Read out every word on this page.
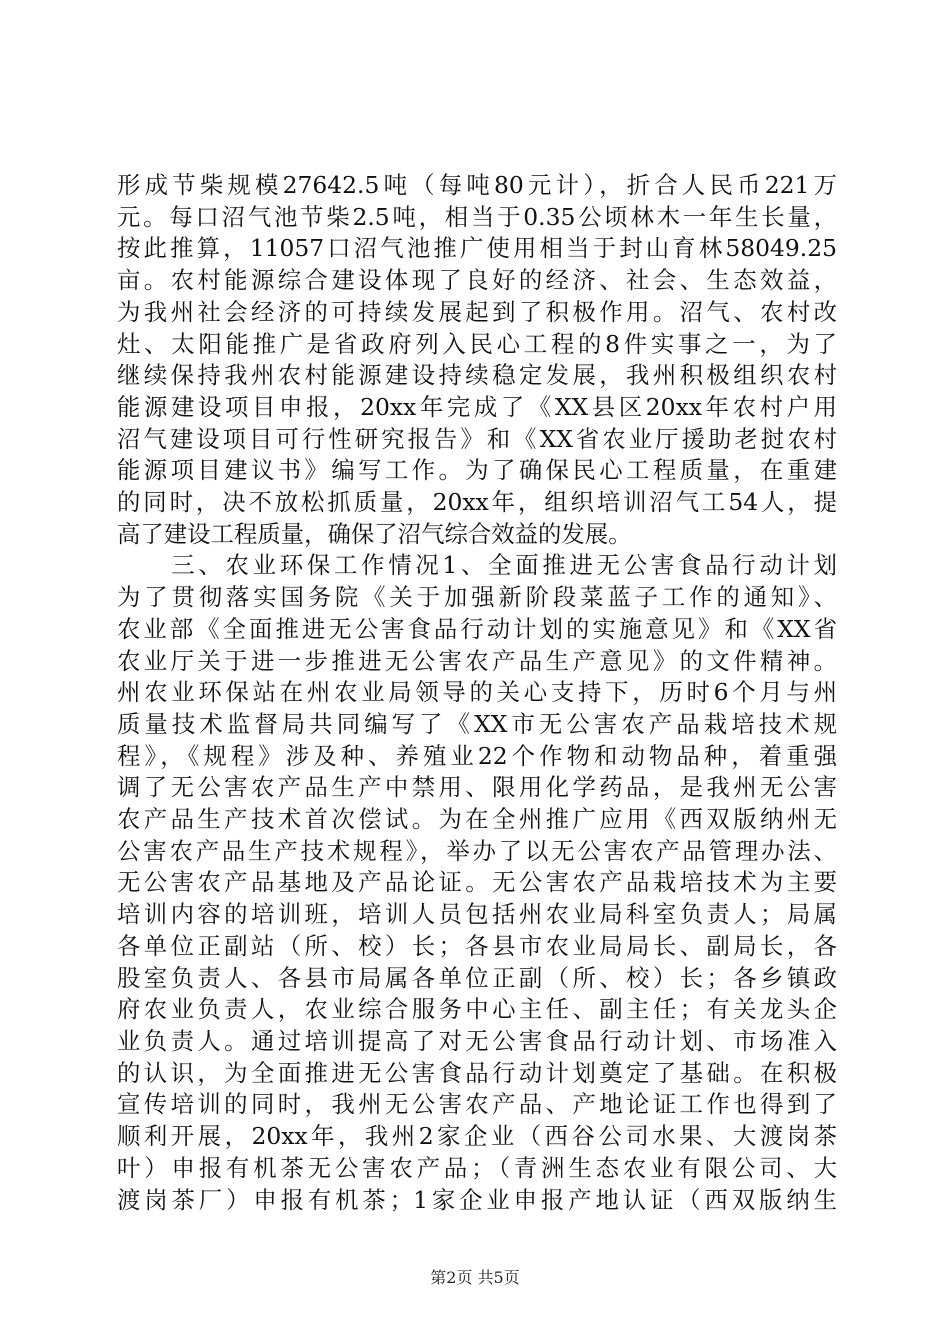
形成节柴规模27642.5吨（每吨80元计），折合人民币221万
元。每口沼气池节柴2.5吨，相当于0.35公顷林木一年生长量，
按此推算，11057口沼气池推广使用相当于封山育林58049.25
亩。农村能源综合建设体现了良好的经济、社会、生态效益，
为我州社会经济的可持续发展起到了积极作用。沼气、农村改
灶、太阳能推广是省政府列入民心工程的8件实事之一，为了
继续保持我州农村能源建设持续稳定发展，我州积极组织农村
能源建设项目申报，20xx年完成了《XX县区20xx年农村户用
沼气建设项目可行性研究报告》和《XX省农业厅援助老挝农村
能源项目建议书》编写工作。为了确保民心工程质量，在重建
的同时，决不放松抓质量，20xx年，组织培训沼气工54人，提
高了建设工程质量，确保了沼气综合效益的发展。
　　三、农业环保工作情况1、全面推进无公害食品行动计划
为了贯彻落实国务院《关于加强新阶段菜蓝子工作的通知》、
农业部《全面推进无公害食品行动计划的实施意见》和《XX省
农业厅关于进一步推进无公害农产品生产意见》的文件精神。
州农业环保站在州农业局领导的关心支持下，历时6个月与州
质量技术监督局共同编写了《XX市无公害农产品栽培技术规
程》，《规程》涉及种、养殖业22个作物和动物品种，着重强
调了无公害农产品生产中禁用、限用化学药品，是我州无公害
农产品生产技术首次偿试。为在全州推广应用《西双版纳州无
公害农产品生产技术规程》，举办了以无公害农产品管理办法、
无公害农产品基地及产品论证。无公害农产品栽培技术为主要
培训内容的培训班，培训人员包括州农业局科室负责人；局属
各单位正副站（所、校）长；各县市农业局局长、副局长，各
股室负责人、各县市局属各单位正副（所、校）长；各乡镇政
府农业负责人，农业综合服务中心主任、副主任；有关龙头企
业负责人。通过培训提高了对无公害食品行动计划、市场准入
的认识，为全面推进无公害食品行动计划奠定了基础。在积极
宣传培训的同时，我州无公害农产品、产地论证工作也得到了
顺利开展，20xx年，我州2家企业（西谷公司水果、大渡岗茶
叶）申报有机茶无公害农产品；（青洲生态农业有限公司、大
渡岗茶厂）申报有机茶；1家企业申报产地认证（西双版纳生
第2页 共5页
